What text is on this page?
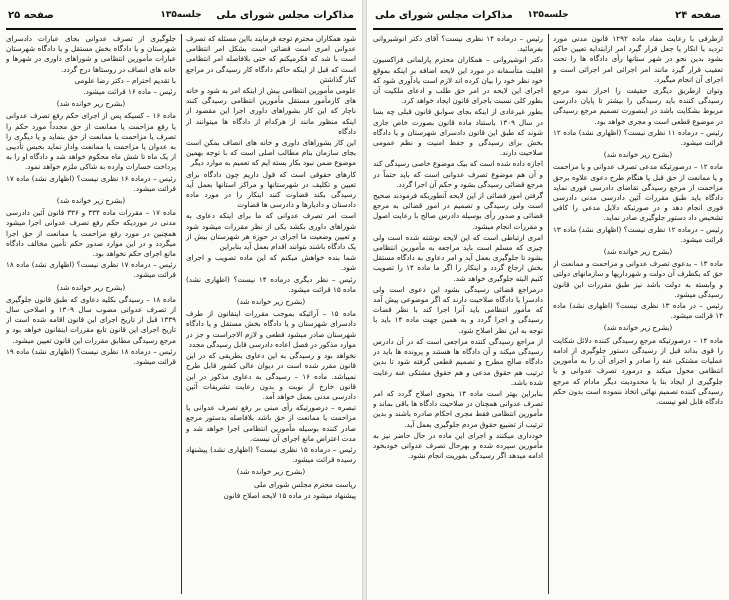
مذاکرات مجلس شورای ملی
جلسه۱۳۵
صفحه ۲۵

شود همکاران محترم توجه فرمایند بااین مسئله که تصرف عدوانی امری است قضائی است بشکل امر انتظامی است با شد که فکرمیکنم که حتی بلافاصله امر انتظامی است که قبل از اینکه حاکم دادگاه کار رسیدگی در مراجع کنار گذاشتن

علومی مأمورین انتظامی بیش از اینکه امر به شود و خانه های کارمأمور مستقل مأمورین انتظامی رسیدگی کنند ناچار که این کار بشوراهای داوری اجرا این مقصود از اینکه منظور مانند از هرکدام از دادگاه ها میتوانند از دادگاه

این کار بشوراهای داوری و خانه های انصاف بمکن است بجای سازمان بنام مطالب اصلی است که با توجه بهمین موضوع ضمن نبود بکار بسته ایم که تعمیم به موارد دیگر

کارهای حقوقی است که قول داریم چون دادگاه برای تعیین و تکلیف در شهرستانها و مراکز استانها بعمل آید رسیدگی بکند قضاوت کنند اینکار را در مورد ماده دادستان و دادیارها و دادرسی ها قضاوت

است امر تصرف عدوانی که ما برای اینکه دعاوی به شوراهای داوری بکشد یکی از نظر مقررات میشود شود و تعیین وضعیت ما اجرای در حوزه هر شهرستان بیش از یک دادگاه باشند بتوانند اقدام بعمل آید بنابراین

شما بنده خواهش میکنم که این ماده تصویب و اجرای شود.

رئیس – نظر دیگری درماده ۱۴ نیست؟ (اظهاری نشد) ماده ۱۵ قرائت میشود.

(بشرح زیر خوانده شد)

ماده ۱۵ – آرائیکه بموجب مقررات اینقانون از طرف دادسرای شهرستان و یا دادگاه بخش مستقل و یا دادگاه شهرستان صادر میشود قطعی و لازم الاجراست و جز در موارد مذکور در فصل اعاده دادرسی قابل رسیدگی مجدد

نخواهد بود و رسیدگی به این دعاوی بطریقی که در این قانون مقرر شده است در دیوان عالی کشور قابل طرح نمیباشد. ماده ۱۶ – رسیدگی به دعاوی مذکور در این قانون خارج از نوبت و بدون رعایت تشریفات آئین دادرسی مدنی بعمل خواهد آمد.

تبصره – درصورتیکه رأی مبنی بر رفع تصرف عدوانی یا مزاحمت یا ممانعت از حق باشد بلافاصله بدستور مرجع صادر کننده بوسیله مأمورین انتظامی اجرا خواهد شد و مدت اعتراض مانع اجرای آن نیست.

رئیس – درماده ۱۵ نظری نیست؟ (اظهاری نشد) پیشنهاد رسیده قرائت میشود.

(بشرح زیر خوانده شد)

ریاست محترم مجلس شورای ملی

پیشنهاد میشود در ماده ۱۵ لایحه اصلاح قانون

جلوگیری از تصرف عدوانی بجای عبارات دادسرای شهرستان و یا دادگاه بخش مستقل و یا دادگاه شهرستان عبارات مأمورین انتظامی و شوراهای داوری در شهرها و خانه های انصاف در روستاها درج گردد.

با تقدیم احترام – دکتر رضا علومی

رئیس – ماده ۱۶ قرائت میشود.

(بشرح زیر خوانده شد)

ماده ۱۶ – کسیکه پس از اجرای حکم رفع تصرف عدوانی یا رفع مزاحمت یا ممانعت از حق مجدداً مورد حکم را تصرف یا مزاحمت یا ممانعت از حق بنماید و یا دیگری را به عدوان یا مزاحمت یا ممانعت وادار نماید بحبس تأدیبی از یک ماه تا شش ماه محکوم خواهد شد و دادگاه او را به پرداخت خسارات وارده به شاکی ملزم خواهد نمود.

رئیس – درماده ۱۶ نظری نیست؟ (اظهاری نشد) ماده ۱۷ قرائت میشود.

(بشرح زیر خوانده شد)

ماده ۱۷ – مقررات ماده ۳۳۴ و ۳۳۶ قانون آئین دادرسی مدنی در موردیکه حکم رفع تصرف عدوانی اجرا میشود همچنین در مورد رفع مزاحمت یا ممانعت از حق اجرا میگردد و در این موارد صدور حکم تأمین مخالف دادگاه مانع اجرای حکم نخواهد بود.

رئیس – درماده ۱۷ نظری نیست؟ (اظهاری نشد) ماده ۱۸ قرائت میشود.

(بشرح زیر خوانده شد)

ماده ۱۸ – رسیدگی بکلیه دعاوی که طبق قانون جلوگیری از تصرف عدوانی مصوب سال ۱۳۰۹ و اصلاحی سال ۱۳۳۹ قبل از تاریخ اجرای این قانون اقامه شده است از تاریخ اجرای این قانون تابع مقررات اینقانون خواهد بود و مرجع رسیدگی مطابق مقررات این قانون تعیین میشود.

رئیس – درماده ۱۸ نظری نیست؟ (اظهاری نشد) ماده ۱۹ قرائت میشود.

صفحه ۲۴
جلسه۱۳۵
مذاکرات مجلس شورای ملی

ازطرفی با رعایت مفاد ماده ۱۲۹۲ قانون مدنی مورد تردید یا انکار یا جعل قرار گیرد امر ازابتدایه تعیین حاکم بشود بدین نحو در شهر ستانها رأی دادگاه ها را تحت تعقیب قرار گیرد مانند امر اجرائی امر اجرائی است و اجرای آن انجام میگیرد.

وتوان ازطریق دیگری حقیقت را احراز نمود مرجع رسیدگی کننده باید رسیدگی را بیشتر تا پایان دادرسی مربوط بشکایت باشد در اینصورت تصمیم مرجع رسیدگی در موضوع قطعی است و مجری خواهد بود.

رئیس – درماده ۱۱ نظری نیست؟ (اظهاری نشد) ماده ۱۲ قرائت میشود.

(بشرح زیر خوانده شد)

ماده ۱۲ – درصورتیکه مدعی تصرف عدوانی و یا مزاحمت و یا ممانعت از حق قبل یا هنگام طرح دعوی علاوه برحق مزاحمت از مرجع رسیدگی تقاضای دادرسی فوری نماید دادگاه باید طبق مقررات آئین دادرسی مدنی دادرسی فوری انجام دهد و در صورتیکه دلایل مدعی را کافی تشخیص داد دستور جلوگیری صادر نماید.

رئیس – درماده ۱۲ نظری نیست؟ (اظهاری نشد) ماده ۱۳ قرائت میشود.

(بشرح زیر خوانده شد)

ماده ۱۳ – بدعوی تصرف عدوانی و مزاحمت و ممانعت از حق که یکطرف آن دولت و شهرداریها و سازمانهای دولتی و وابسته به دولت باشد نیز طبق مقررات این قانون رسیدگی میشود.

رئیس – در ماده ۱۳ نظری نیست؟ (اظهاری نشد) ماده ۱۴ قرائت میشود.

(بشرح زیر خوانده شد)

ماده ۱۴ – درصورتیکه مرجع رسیدگی کننده دلائل شکایت را قوی بداند قبل از رسیدگی دستور جلوگیری از ادامه عملیات مشتکی عنه را صادر و اجرای آن را به مأمورین انتظامی محول میکند و درمورد تصرف عدوانی و یا جلوگیری از ایجاد بنا یا محدودیت دیگر مادام که مرجع رسیدگی کننده تصمیم نهائی اتخاذ ننموده است بدون حکم دادگاه قابل لغو نیست.

رئیس – درماده ۱۴ نظری نیست؟ آقای دکتر انوشیروانی بفرمائید.

دکتر انوشیروانی – همکاران محترم پارلمانی فراکسیون اقلیت متأسفانه در مورد این لایحه اضافه بر اینکه بموقع خود نظر خود را بیان کرده اند لازم است یادآوری شود که اجرای این لایحه در امر حق طلب و ادعای ملکیت آن بطور کلی نسبت باجرای قانون ایجاد خواهد کرد.

بطور غیرعادی از اینکه بجای سوابق قانون قبلی چه بسا در سال ۱۳۰۹ باستناد ماده قانون بصورت خاص جاری شوند که طبق این قانون دادسرای شهرستان و یا دادگاه بخش برای رسیدگی و حفظ امنیت و نظم عمومی صلاحیت دارند.

اجازه داده شده است که بیک موضوع خاصی رسیدگی کند و آن هم موضوع تصرف عدوانی است که باید حتماً در مرجع قضائی رسیدگی بشود و حکم آن اجرا گردد.

گرفتن امور قضائی از این لایحه آنطوریکه فرمودند صحیح است ولی رسیدگی و تصمیم در امور قضائی به مرجع قضائی و صدور رأی بوسیله دادرس صالح با رعایت اصول و مقررات انجام میشود.

امری ارتباطی است که این لایحه نوشته شده است ولی چیزی که مسلم است باید مراجعه به مأمورین انتظامی بشود تا جلوگیری بعمل آید و امر دعاوی به دادگاه مستقل بخش ارجاع گردد و اینکار را اگر ما ماده ۱۴ را تصویب کنیم البته جلوگیری خواهد شد.

درمراجع قضائی رسیدگی بشود این دعوی است ولی دادسرا یا دادگاه صلاحیت دارند که اگر موضوعی پیش آمد که مأمور انتظامی باید آنرا اجرا کند با نظر قضات رسیدگی و اجرا گردد و به همین جهت ماده ۱۴ باید با توجه به این نظر اصلاح شود.

از مراجع رسیدگی کننده مراجعی است که در آن دادرس رسیدگی میکند و آن دادگاه ها هستند و پرونده ها باید در دادگاه صالح مطرح و تصمیم قطعی گرفته شود تا بدین ترتیب هم حقوق مدعی و هم حقوق مشتکی عنه رعایت شده باشد.

بنابراین بهتر است ماده ۱۴ بنحوی اصلاح گردد که امر تصرف عدوانی همچنان در صلاحیت دادگاه ها باقی بماند و مأمورین انتظامی فقط مجری احکام صادره باشند و بدین ترتیب از تضییع حقوق مردم جلوگیری بعمل آید.

خودداری میکنند و اجرای این ماده در حال حاضر نیز به مأمورین سپرده شده و بهرحال تصرف عدوانی خودبخود ادامه میدهد اگر رسیدگی بفوریت انجام نشود.
